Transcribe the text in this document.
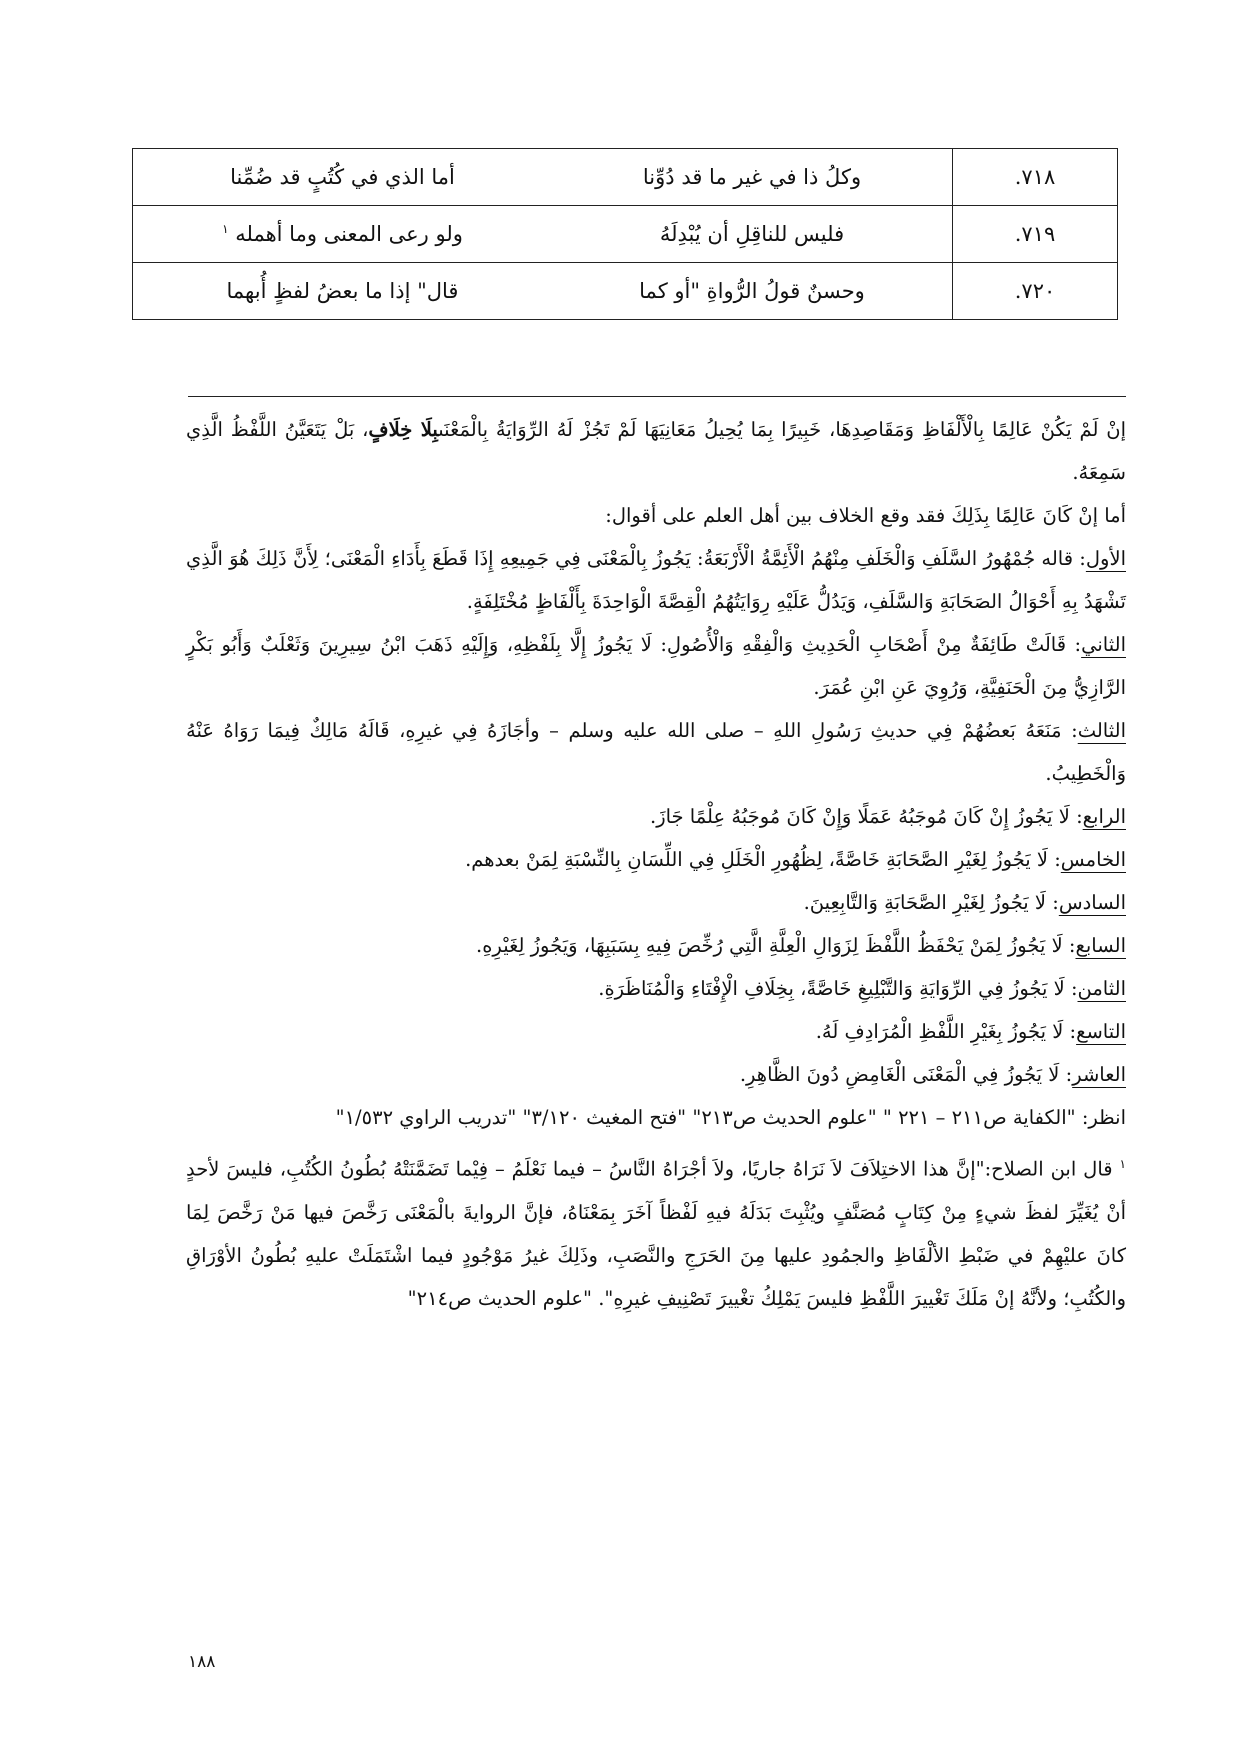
٧١٨.	وكلُ ذا في غير ما قد دُوِّنا	أما الذي في كُتُبٍ قد ضُمِّنا
٧١٩.	فليس للناقِلِ أن يُبْدِلَهُ	ولو رعى المعنى وما أهمله $^١$
٧٢٠.	وحسنٌ قولُ الرُّواةِ "أو كما	قال" إذا ما بعضُ لفظٍ أُبهما

إنْ لَمْ يَكُنْ عَالِمًا بِالْأَلْفَاظِ وَمَقَاصِدِهَا، خَبِيرًا بِمَا يُحِيلُ مَعَانِيَهَا لَمْ تَجُزْ لَهُ الرِّوَايَةُ بِالْمَعْنَىبِلَا خِلَافٍ، بَلْ يَتَعَيَّنُ اللَّفْظُ الَّذِي سَمِعَهُ.

أما إنْ كَانَ عَالِمًا بِذَلِكَ فقد وقع الخلاف بين أهل العلم على أقوال:

الأول: قاله جُمْهُورُ السَّلَفِ وَالْخَلَفِ مِنْهُمُ الْأَئِمَّةُ الْأَرْبَعَةُ: يَجُوزُ بِالْمَعْنَى فِي جَمِيعِهِ إِذَا قَطَعَ بِأَدَاءِ الْمَعْنَى؛ لِأَنَّ ذَلِكَ هُوَ الَّذِي تَشْهَدُ بِهِ أَحْوَالُ الصَحَابَةِ وَالسَّلَفِ، وَيَدُلُّ عَلَيْهِ رِوَايَتُهُمُ الْقِصَّةَ الْوَاحِدَةَ بِأَلْفَاظٍ مُخْتَلِفَةٍ.

الثاني: قَالَتْ طَائِفَةٌ مِنْ أَصْحَابِ الْحَدِيثِ وَالْفِقْهِ وَالْأُصُولِ: لَا يَجُوزُ إِلَّا بِلَفْظِهِ، وَإِلَيْهِ ذَهَبَ ابْنُ سِيرِينَ وَثَعْلَبٌ وَأَبُو بَكْرٍ الرَّازِيُّ مِنَ الْحَنَفِيَّةِ، وَرُوِيَ عَنِ ابْنِ عُمَرَ.

الثالث: مَنَعَهُ بَعضُهُمْ فِي حديثِ رَسُولِ اللهِ – صلى الله عليه وسلم – وأجَازَهُ فِي غيرِهِ، قَالَهُ مَالِكٌ فِيمَا رَوَاهُ عَنْهُ وَالْخَطِيبُ.

الرابع: لَا يَجُوزُ إِنْ كَانَ مُوجَبُهُ عَمَلًا وَإِنْ كَانَ مُوجَبُهُ عِلْمًا جَازَ.

الخامس: لَا يَجُوزُ لِغَيْرِ الصَّحَابَةِ خَاصَّةً، لِظُهُورِ الْخَلَلِ فِي اللِّسَانِ بِالنِّسْبَةِ لِمَنْ بعدهم.

السادس: لَا يَجُوزُ لِغَيْرِ الصَّحَابَةِ وَالتَّابِعِينَ.

السابع: لَا يَجُوزُ لِمَنْ يَحْفَظُ اللَّفْظَ لِزَوَالِ الْعِلَّةِ الَّتِي رُخِّصَ فِيهِ بِسَبَبِهَا، وَيَجُوزُ لِغَيْرِهِ.

الثامن: لَا يَجُوزُ فِي الرِّوَايَةِ وَالتَّبْلِيغِ خَاصَّةً، بِخِلَافِ الْإِفْتَاءِ وَالْمُنَاظَرَةِ.

التاسع: لَا يَجُوزُ بِغَيْرِ اللَّفْظِ الْمُرَادِفِ لَهُ.

العاشر: لَا يَجُوزُ فِي الْمَعْنَى الْغَامِضِ دُونَ الظَّاهِرِ.

انظر: "الكفاية ص٢١١ – ٢٢١ " "علوم الحديث ص٢١٣" "فتح المغيث ٣/١٢٠" "تدريب الراوي ١/٥٣٢"

$^١$ قال ابن الصلاح:"إنَّ هذا الاختِلاَفَ لاَ نَرَاهُ جاريًا، ولاَ أجْرَاهُ النَّاسُ – فيما نَعْلَمُ – فِيْما تَضَمَّنَتْهُ بُطُونُ الكُتُبِ، فليسَ لأحدٍ أنْ يُغَيِّرَ لفظَ شيءٍ مِنْ كِتَابٍ مُصَنَّفٍ ويُثْبِتَ بَدَلَهُ فيهِ لَفْظاً آخَرَ بِمَعْنَاهُ، فإنَّ الروايةَ بالْمَعْنَى رَخَّصَ فيها مَنْ رَخَّصَ لِمَا كانَ عليْهِمْ في ضَبْطِ الألْفَاظِ والجمُودِ عليها مِنَ الحَرَجِ والنَّصَبِ، وذَلِكَ غيرُ مَوْجُودٍ فيما اشْتَمَلَتْ عليهِ بُطُونُ الأوْرَاقِ والكُتُبِ؛ ولأنَّهُ إنْ مَلَكَ تَغْييرَ اللَّفْظِ فليسَ يَمْلِكُ تغْييرَ تَصْنِيفِ غيرِهِ". "علوم الحديث ص٢١٤"

١٨٨
